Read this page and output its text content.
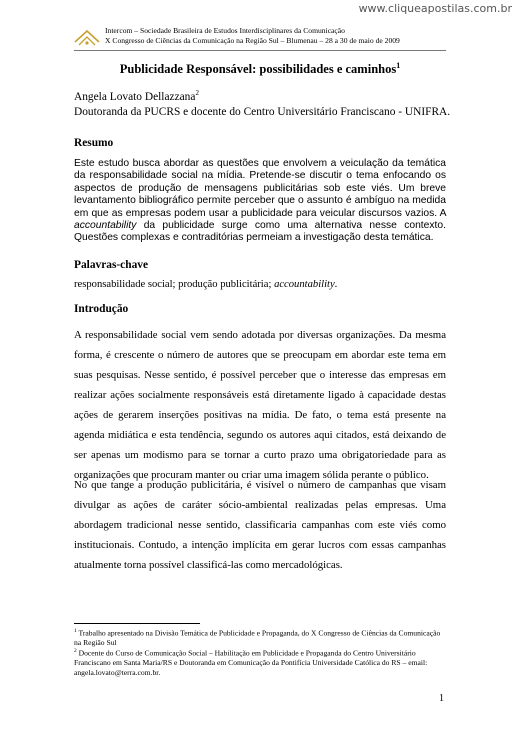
www.cliqueapostilas.com.br
Intercom – Sociedade Brasileira de Estudos Interdisciplinares da Comunicação
X Congresso de Ciências da Comunicação na Região Sul – Blumenau – 28 a 30 de maio de 2009
Publicidade Responsável: possibilidades e caminhos$^1$
Angela Lovato Dellazzana$^2$
Doutoranda da PUCRS e docente do Centro Universitário Franciscano - UNIFRA.
Resumo
Este estudo busca abordar as questões que envolvem a veiculação da temática da responsabilidade social na mídia. Pretende-se discutir o tema enfocando os aspectos de produção de mensagens publicitárias sob este viés. Um breve levantamento bibliográfico permite perceber que o assunto é ambíguo na medida em que as empresas podem usar a publicidade para veicular discursos vazios. A accountability da publicidade surge como uma alternativa nesse contexto. Questões complexas e contraditórias permeiam a investigação desta temática.
Palavras-chave
responsabilidade social; produção publicitária; accountability.
Introdução
A responsabilidade social vem sendo adotada por diversas organizações. Da mesma forma, é crescente o número de autores que se preocupam em abordar este tema em suas pesquisas. Nesse sentido, é possível perceber que o interesse das empresas em realizar ações socialmente responsáveis está diretamente ligado à capacidade destas ações de gerarem inserções positivas na mídia. De fato, o tema está presente na agenda midiática e esta tendência, segundo os autores aqui citados, está deixando de ser apenas um modismo para se tornar a curto prazo uma obrigatoriedade para as organizações que procuram manter ou criar uma imagem sólida perante o público.
No que tange a produção publicitária, é visível o número de campanhas que visam divulgar as ações de caráter sócio-ambiental realizadas pelas empresas. Uma abordagem tradicional nesse sentido, classificaria campanhas com este viés como institucionais. Contudo, a intenção implícita em gerar lucros com essas campanhas atualmente torna possível classificá-las como mercadológicas.
$^1$ Trabalho apresentado na Divisão Temática de Publicidade e Propaganda, do X Congresso de Ciências da Comunicação na Região Sul
$^2$ Docente do Curso de Comunicação Social – Habilitação em Publicidade e Propaganda do Centro Universitário Franciscano em Santa Maria/RS e Doutoranda em Comunicação da Pontifícia Universidade Católica do RS – email: angela.lovato@terra.com.br.
1
